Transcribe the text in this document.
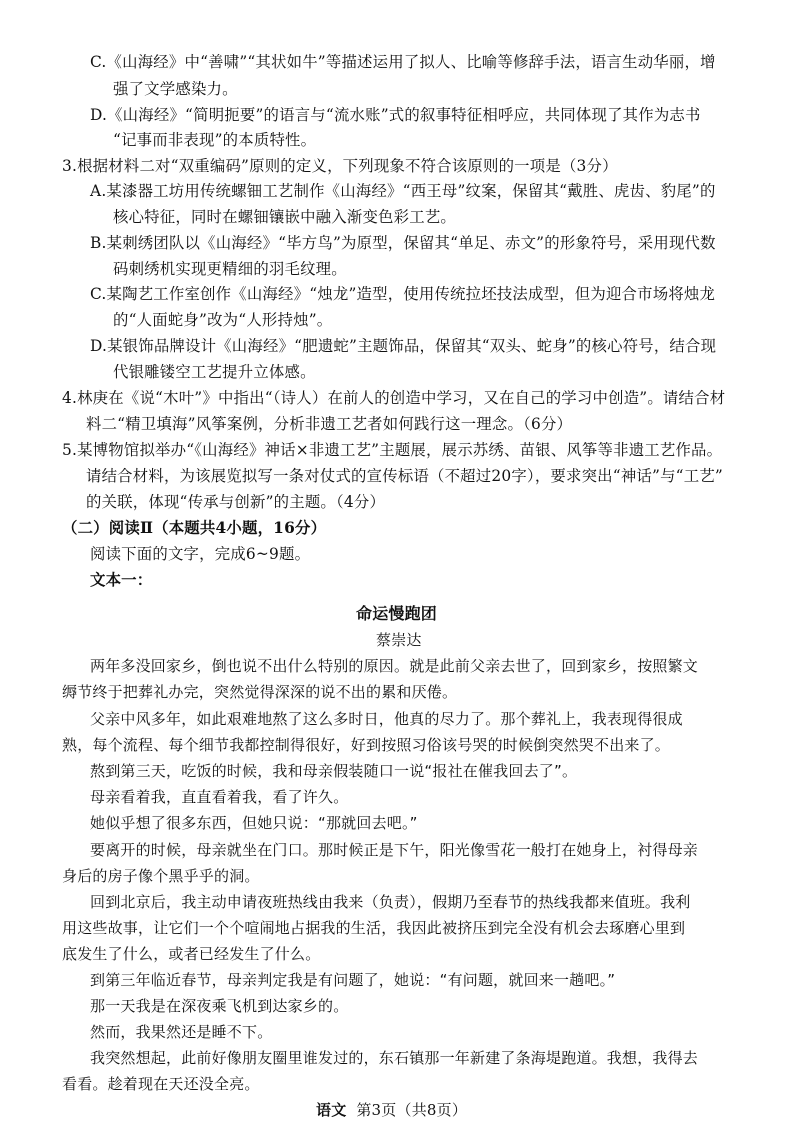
C.《山海经》中“善啸”“其状如牛”等描述运用了拟人、比喻等修辞手法，语言生动华丽，增
强了文学感染力。
D.《山海经》“简明扼要”的语言与“流水账”式的叙事特征相呼应，共同体现了其作为志书
“记事而非表现”的本质特性。
3.根据材料二对“双重编码”原则的定义，下列现象不符合该原则的一项是（3分）
A.某漆器工坊用传统螺钿工艺制作《山海经》“西王母”纹案，保留其“戴胜、虎齿、豹尾”的
核心特征，同时在螺钿镶嵌中融入渐变色彩工艺。
B.某刺绣团队以《山海经》“毕方鸟”为原型，保留其“单足、赤文”的形象符号，采用现代数
码刺绣机实现更精细的羽毛纹理。
C.某陶艺工作室创作《山海经》“烛龙”造型，使用传统拉坯技法成型，但为迎合市场将烛龙
的“人面蛇身”改为“人形持烛”。
D.某银饰品牌设计《山海经》“肥遗蛇”主题饰品，保留其“双头、蛇身”的核心符号，结合现
代银雕镂空工艺提升立体感。
4.林庚在《说“木叶”》中指出“（诗人）在前人的创造中学习，又在自己的学习中创造”。请结合材
料二“精卫填海”风筝案例，分析非遗工艺者如何践行这一理念。（6分）
5.某博物馆拟举办“《山海经》神话×非遗工艺”主题展，展示苏绣、苗银、风筝等非遗工艺作品。
请结合材料，为该展览拟写一条对仗式的宣传标语（不超过20字），要求突出“神话”与“工艺”
的关联，体现“传承与创新”的主题。（4分）
（二）阅读Ⅱ（本题共4小题，16分）
阅读下面的文字，完成6~9题。
文本一：
命运慢跑团
蔡崇达
两年多没回家乡，倒也说不出什么特别的原因。就是此前父亲去世了，回到家乡，按照繁文
缛节终于把葬礼办完，突然觉得深深的说不出的累和厌倦。
父亲中风多年，如此艰难地熬了这么多时日，他真的尽力了。那个葬礼上，我表现得很成
熟，每个流程、每个细节我都控制得很好，好到按照习俗该号哭的时候倒突然哭不出来了。
熬到第三天，吃饭的时候，我和母亲假装随口一说“报社在催我回去了”。
母亲看着我，直直看着我，看了许久。
她似乎想了很多东西，但她只说：“那就回去吧。”
要离开的时候，母亲就坐在门口。那时候正是下午，阳光像雪花一般打在她身上，衬得母亲
身后的房子像个黑乎乎的洞。
回到北京后，我主动申请夜班热线由我来（负责），假期乃至春节的热线我都来值班。我利
用这些故事，让它们一个个喧闹地占据我的生活，我因此被挤压到完全没有机会去琢磨心里到
底发生了什么，或者已经发生了什么。
到第三年临近春节，母亲判定我是有问题了，她说：“有问题，就回来一趟吧。”
那一天我是在深夜乘飞机到达家乡的。
然而，我果然还是睡不下。
我突然想起，此前好像朋友圈里谁发过的，东石镇那一年新建了条海堤跑道。我想，我得去
看看。趁着现在天还没全亮。
语文 第3页（共8页）
